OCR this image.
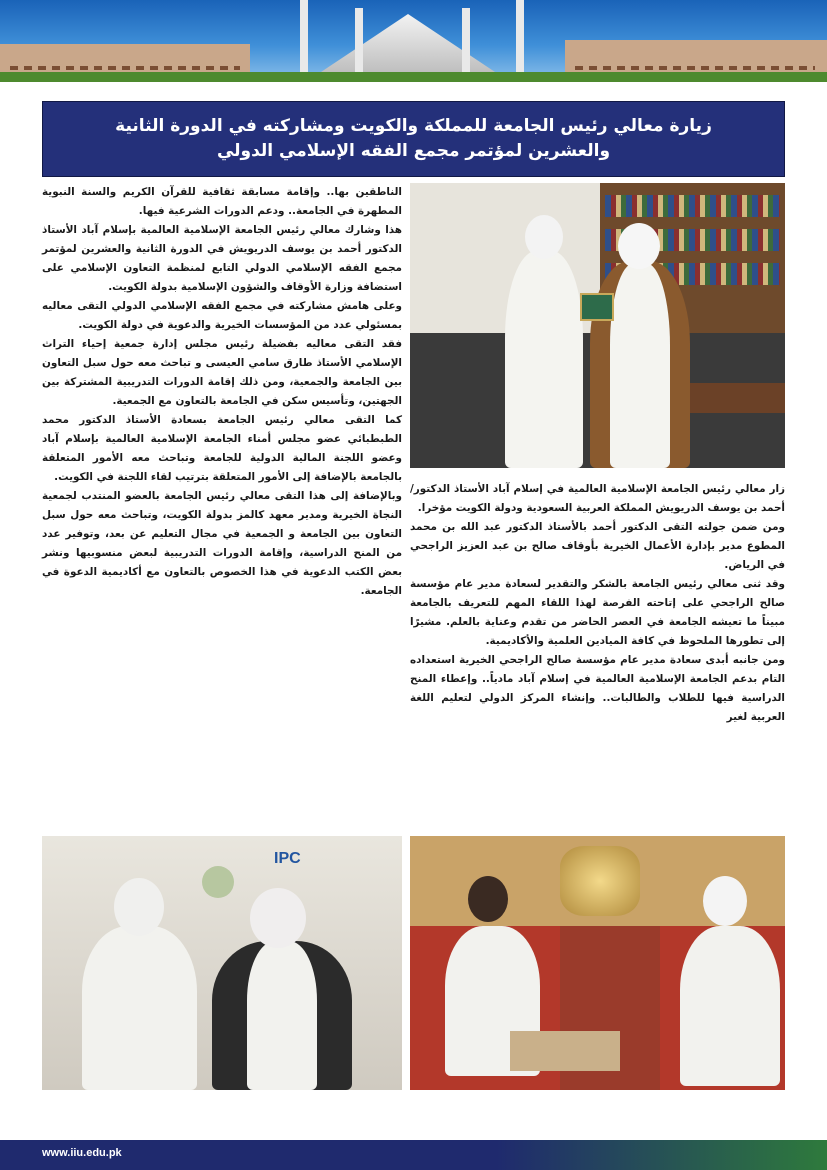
زيارة معالي رئيس الجامعة للمملكة والكويت ومشاركته في الدورة الثانية
والعشرين لمؤتمر مجمع الفقه الإسلامي الدولي

الناطقين بها.. وإقامة مسابقة ثقافية للقرآن الكريم والسنة النبوية المطهرة في الجامعة.. ودعم الدورات الشرعية فيها.

هذا وشارك معالي رئيس الجامعة الإسلامية العالمية بإسلام آباد الأستاذ الدكتور أحمد بن يوسف الدريويش في الدورة الثانية والعشرين لمؤتمر مجمع الفقه الإسلامي الدولي التابع لمنظمة التعاون الإسلامي على استضافة وزارة الأوقاف والشؤون الإسلامية بدولة الكويت.

وعلى هامش مشاركته في مجمع الفقه الإسلامي الدولي التقى معاليه بمسئولي عدد من المؤسسات الخيرية والدعوية في دولة الكويت.

فقد التقى معاليه بفضيلة رئيس مجلس إدارة جمعية إحياء التراث الإسلامي الأستاذ طارق سامي العيسى و تباحث معه حول سبل التعاون بين الجامعة والجمعية، ومن ذلك إقامة الدورات التدريبية المشتركة بين الجهتين، وتأسيس سكن في الجامعة بالتعاون مع الجمعية.

كما التقى معالي رئيس الجامعة بسعادة الأستاذ الدكتور محمد الطبطبائي عضو مجلس أمناء الجامعة الإسلامية العالمية بإسلام آباد وعضو اللجنة المالية الدولية للجامعة وتباحث معه الأمور المتعلقة بالجامعة بالإضافة إلى الأمور المتعلقة بترتيب لقاء اللجنة في الكويت.

وبالإضافة إلى هذا التقى معالي رئيس الجامعة بالعضو المنتدب لجمعية النجاة الخيرية ومدير معهد كالمز بدولة الكويت، وتباحث معه حول سبل التعاون بين الجامعة و الجمعية في مجال التعليم عن بعد، وتوفير عدد من المنح الدراسية، وإقامة الدورات التدريبية لبعض منسوبيها ونشر بعض الكتب الدعوية في هذا الخصوص بالتعاون مع أكاديمية الدعوة في الجامعة.

زار معالي رئيس الجامعة الإسلامية العالمية في إسلام آباد الأستاذ الدكتور/ أحمد بن يوسف الدريويش المملكة العربية السعودية ودولة الكويت مؤخرا.

ومن ضمن جولته التقى الدكتور أحمد بالأستاذ الدكتور عبد الله بن محمد المطوع مدير بإدارة الأعمال الخيرية بأوقاف صالح بن عبد العزيز الراجحي في الرياض.

وقد ثنى معالي رئيس الجامعة بالشكر والتقدير لسعادة مدير عام مؤسسة صالح الراجحي على إتاحته الفرصة لهذا اللقاء المهم للتعريف بالجامعة مبيناً ما تعيشه الجامعة في العصر الحاضر من تقدم وعناية بالعلم. مشيرًا إلى تطورها الملحوظ في كافة الميادين العلمية والأكاديمية.

ومن جانبه أبدى سعادة مدير عام مؤسسة صالح الراجحي الخيرية استعداده التام بدعم الجامعة الإسلامية العالمية في إسلام آباد مادياً.. وإعطاء المنح الدراسية فيها للطلاب والطالبات.. وإنشاء المركز الدولي لتعليم اللغة العربية لغير

IPC
www.iiu.edu.pk
